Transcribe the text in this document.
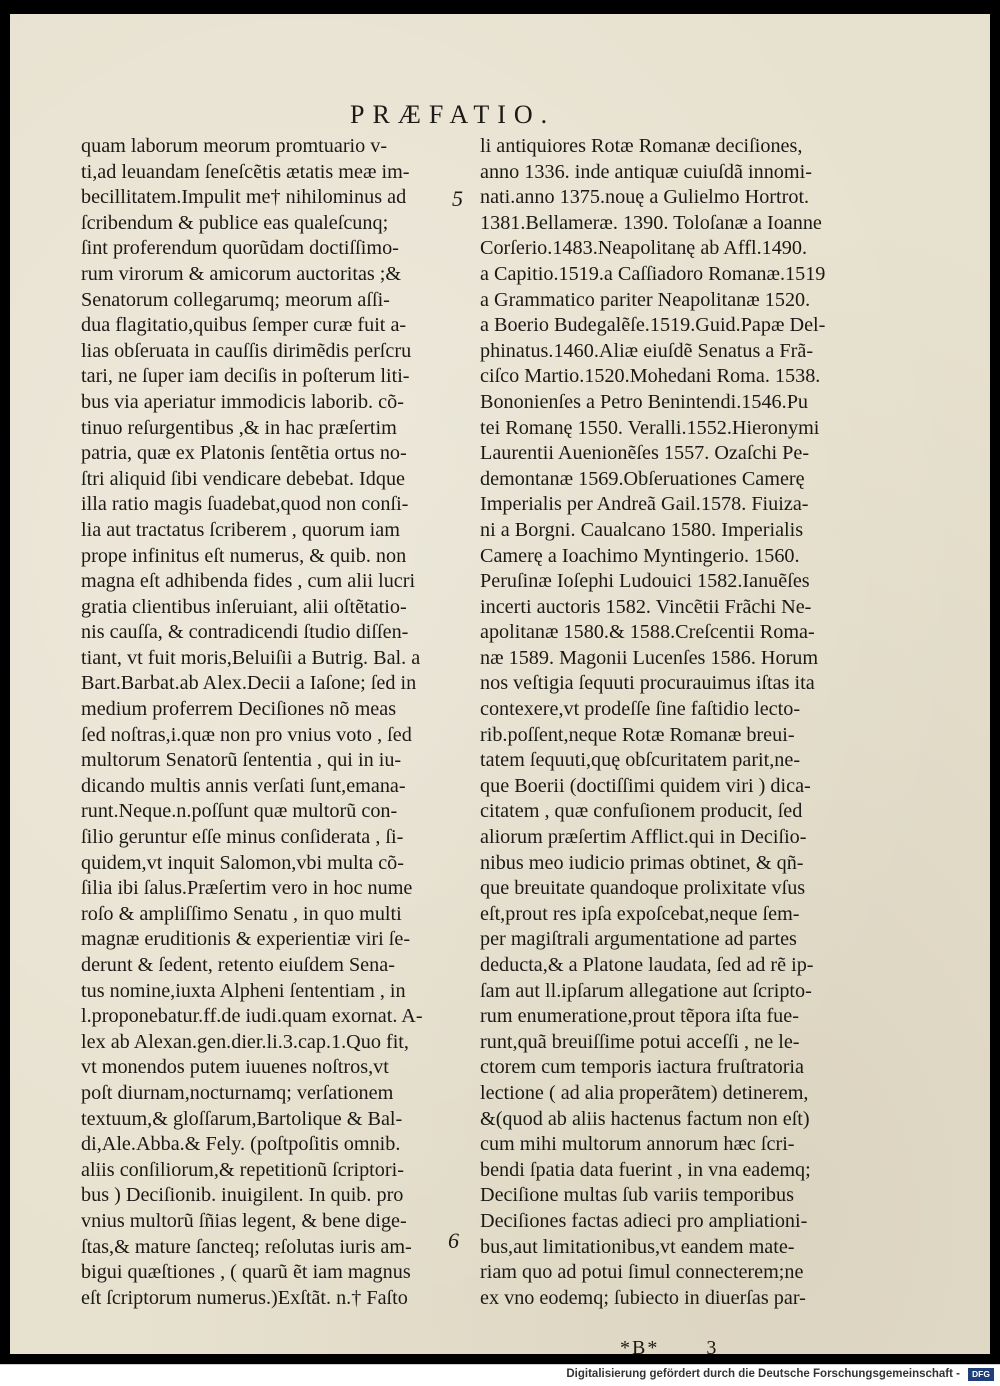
PRÆFATIO.
quam laborum meorum promtuario v-
ti,ad leuandam ſeneſcẽtis ætatis meæ im-
becillitatem.Impulit me† nihilominus ad
ſcribendum & publice eas qualeſcunq;
ſint proferendum quorũdam doctiſſimo-
rum virorum & amicorum auctoritas ;&
Senatorum collegarumq; meorum aſſi-
dua flagitatio,quibus ſemper curæ fuit a-
lias obſeruata in cauſſis dirimẽdis perſcru
tari, ne ſuper iam deciſis in poſterum liti-
bus via aperiatur immodicis laborib. cõ-
tinuo reſurgentibus ,& in hac præſertim
patria, quæ ex Platonis ſentẽtia ortus no-
ſtri aliquid ſibi vendicare debebat. Idque
illa ratio magis ſuadebat,quod non conſi-
lia aut tractatus ſcriberem , quorum iam
prope infinitus eſt numerus, & quib. non
magna eſt adhibenda fides , cum alii lucri
gratia clientibus inſeruiant, alii oſtẽtatio-
nis cauſſa, & contradicendi ſtudio diſſen-
tiant, vt fuit moris,Beluiſii a Butrig. Bal. a
Bart.Barbat.ab Alex.Decii a Iaſone; ſed in
medium proferrem Deciſiones nõ meas
ſed noſtras,i.quæ non pro vnius voto , ſed
multorum Senatorũ ſententia , qui in iu-
dicando multis annis verſati ſunt,emana-
runt.Neque.n.poſſunt quæ multorũ con-
ſilio geruntur eſſe minus conſiderata , ſi-
quidem,vt inquit Salomon,vbi multa cõ-
ſilia ibi ſalus.Præſertim vero in hoc nume
roſo & ampliſſimo Senatu , in quo multi
magnæ eruditionis & experientiæ viri ſe-
derunt & ſedent, retento eiuſdem Sena-
tus nomine,iuxta Alpheni ſententiam , in
l.proponebatur.ff.de iudi.quam exornat. A-
lex ab Alexan.gen.dier.li.3.cap.1.Quo fit,
vt monendos putem iuuenes noſtros,vt
poſt diurnam,nocturnamq; verſationem
textuum,& gloſſarum,Bartolique & Bal-
di,Ale.Abba.& Fely. (poſtpoſitis omnib.
aliis conſiliorum,& repetitionũ ſcriptori-
bus ) Deciſionib. inuigilent. In quib. pro
vnius multorũ ſñias legent, & bene dige-
ſtas,& mature ſancteq; reſolutas iuris am-
bigui quæſtiones , ( quarũ ẽt iam magnus
eſt ſcriptorum numerus.)Exſtãt. n.† Faſto
li antiquiores Rotæ Romanæ deciſiones,
anno 1336. inde antiquæ cuiuſdã innomi-
nati.anno 1375.nouę a Gulielmo Hortrot.
1381.Bellameræ. 1390. Toloſanæ a Ioanne
Corſerio.1483.Neapolitanę ab Affl.1490.
a Capitio.1519.a Caſſiadoro Romanæ.1519
a Grammatico pariter Neapolitanæ 1520.
a Boerio Budegalẽſe.1519.Guid.Papæ Del-
phinatus.1460.Aliæ eiuſdẽ Senatus a Frã-
ciſco Martio.1520.Mohedani Roma. 1538.
Bononienſes a Petro Benintendi.1546.Pu
tei Romanę 1550. Veralli.1552.Hieronymi
Laurentii Auenionẽſes 1557. Ozaſchi Pe-
demontanæ 1569.Obſeruationes Camerę
Imperialis per Andreã Gail.1578. Fiuiza-
ni a Borgni. Caualcano 1580. Imperialis
Camerę a Ioachimo Myntingerio. 1560.
Peruſinæ Ioſephi Ludouici 1582.Ianuẽſes
incerti auctoris 1582. Vincẽtii Frãchi Ne-
apolitanæ 1580.& 1588.Creſcentii Roma-
næ 1589. Magonii Lucenſes 1586. Horum
nos veſtigia ſequuti procurauimus iſtas ita
contexere,vt prodeſſe ſine faſtidio lecto-
rib.poſſent,neque Rotæ Romanæ breui-
tatem ſequuti,quę obſcuritatem parit,ne-
que Boerii (doctiſſimi quidem viri ) dica-
citatem , quæ confuſionem producit, ſed
aliorum præſertim Afflict.qui in Deciſio-
nibus meo iudicio primas obtinet, & qñ-
que breuitate quandoque prolixitate vſus
eſt,prout res ipſa expoſcebat,neque ſem-
per magiſtrali argumentatione ad partes
deducta,& a Platone laudata, ſed ad rẽ ip-
ſam aut ll.ipſarum allegatione aut ſcripto-
rum enumeratione,prout tẽpora iſta fue-
runt,quã breuiſſime potui acceſſi , ne le-
ctorem cum temporis iactura fruſtratoria
lectione ( ad alia properãtem) detinerem,
&(quod ab aliis hactenus factum non eſt)
cum mihi multorum annorum hæc ſcri-
bendi ſpatia data fuerint , in vna eademq;
Deciſione multas ſub variis temporibus
Deciſiones factas adieci pro ampliationi-
bus,aut limitationibus,vt eandem mate-
riam quo ad potui ſimul connecterem;ne
ex vno eodemq; ſubiecto in diuerſas par-
5
6
*B* 3
Digitalisierung gefördert durch die Deutsche Forschungsgemeinschaft -	DFG
